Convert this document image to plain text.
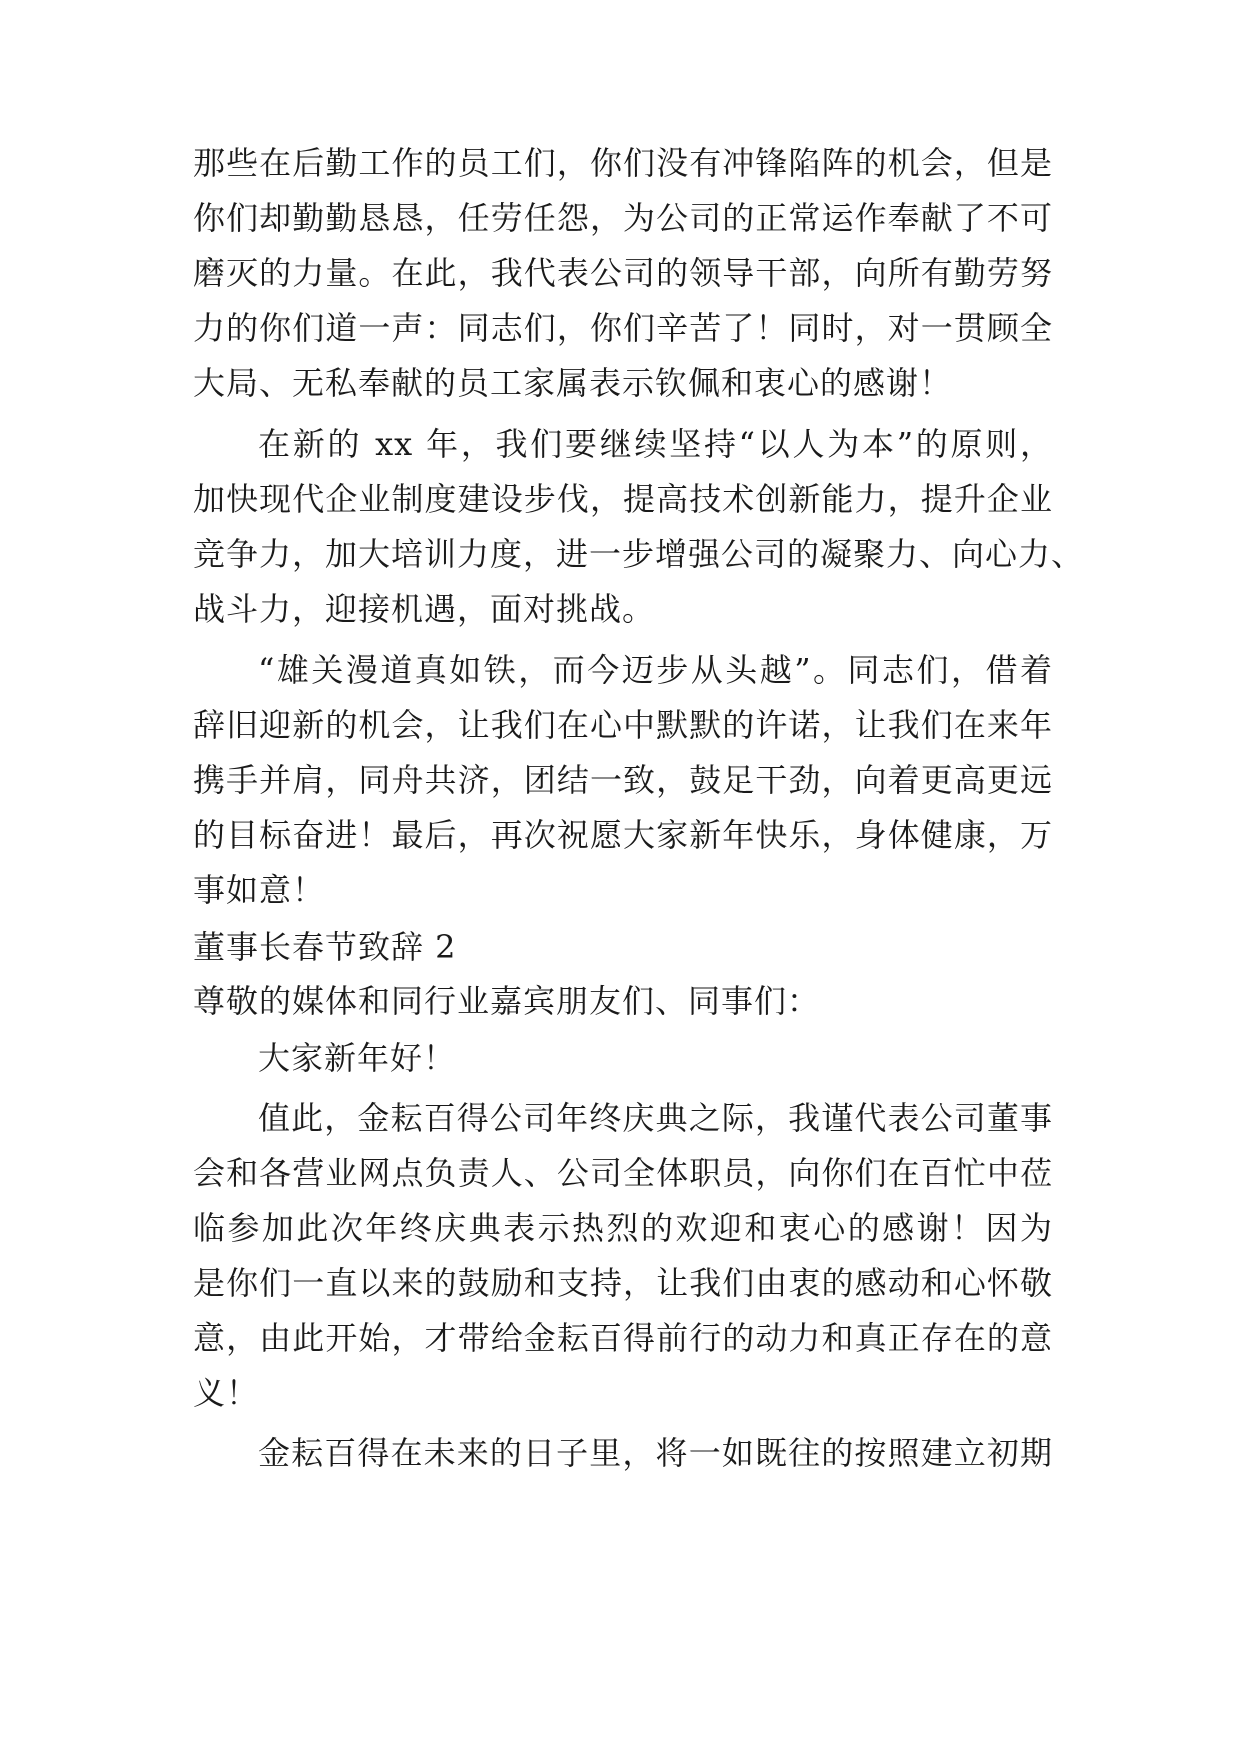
那些在后勤工作的员工们，你们没有冲锋陷阵的机会，但是
你们却勤勤恳恳，任劳任怨，为公司的正常运作奉献了不可
磨灭的力量。在此，我代表公司的领导干部，向所有勤劳努
力的你们道一声：同志们，你们辛苦了！同时，对一贯顾全
大局、无私奉献的员工家属表示钦佩和衷心的感谢！
在新的 xx 年，我们要继续坚持“以人为本”的原则，
加快现代企业制度建设步伐，提高技术创新能力，提升企业
竞争力，加大培训力度，进一步增强公司的凝聚力、向心力、
战斗力，迎接机遇，面对挑战。
“雄关漫道真如铁，而今迈步从头越”。同志们，借着
辞旧迎新的机会，让我们在心中默默的许诺，让我们在来年
携手并肩，同舟共济，团结一致，鼓足干劲，向着更高更远
的目标奋进！最后，再次祝愿大家新年快乐，身体健康，万
事如意！
董事长春节致辞 2
尊敬的媒体和同行业嘉宾朋友们、同事们：
大家新年好！
值此，金耘百得公司年终庆典之际，我谨代表公司董事
会和各营业网点负责人、公司全体职员，向你们在百忙中莅
临参加此次年终庆典表示热烈的欢迎和衷心的感谢！因为
是你们一直以来的鼓励和支持，让我们由衷的感动和心怀敬
意，由此开始，才带给金耘百得前行的动力和真正存在的意
义！
金耘百得在未来的日子里，将一如既往的按照建立初期
